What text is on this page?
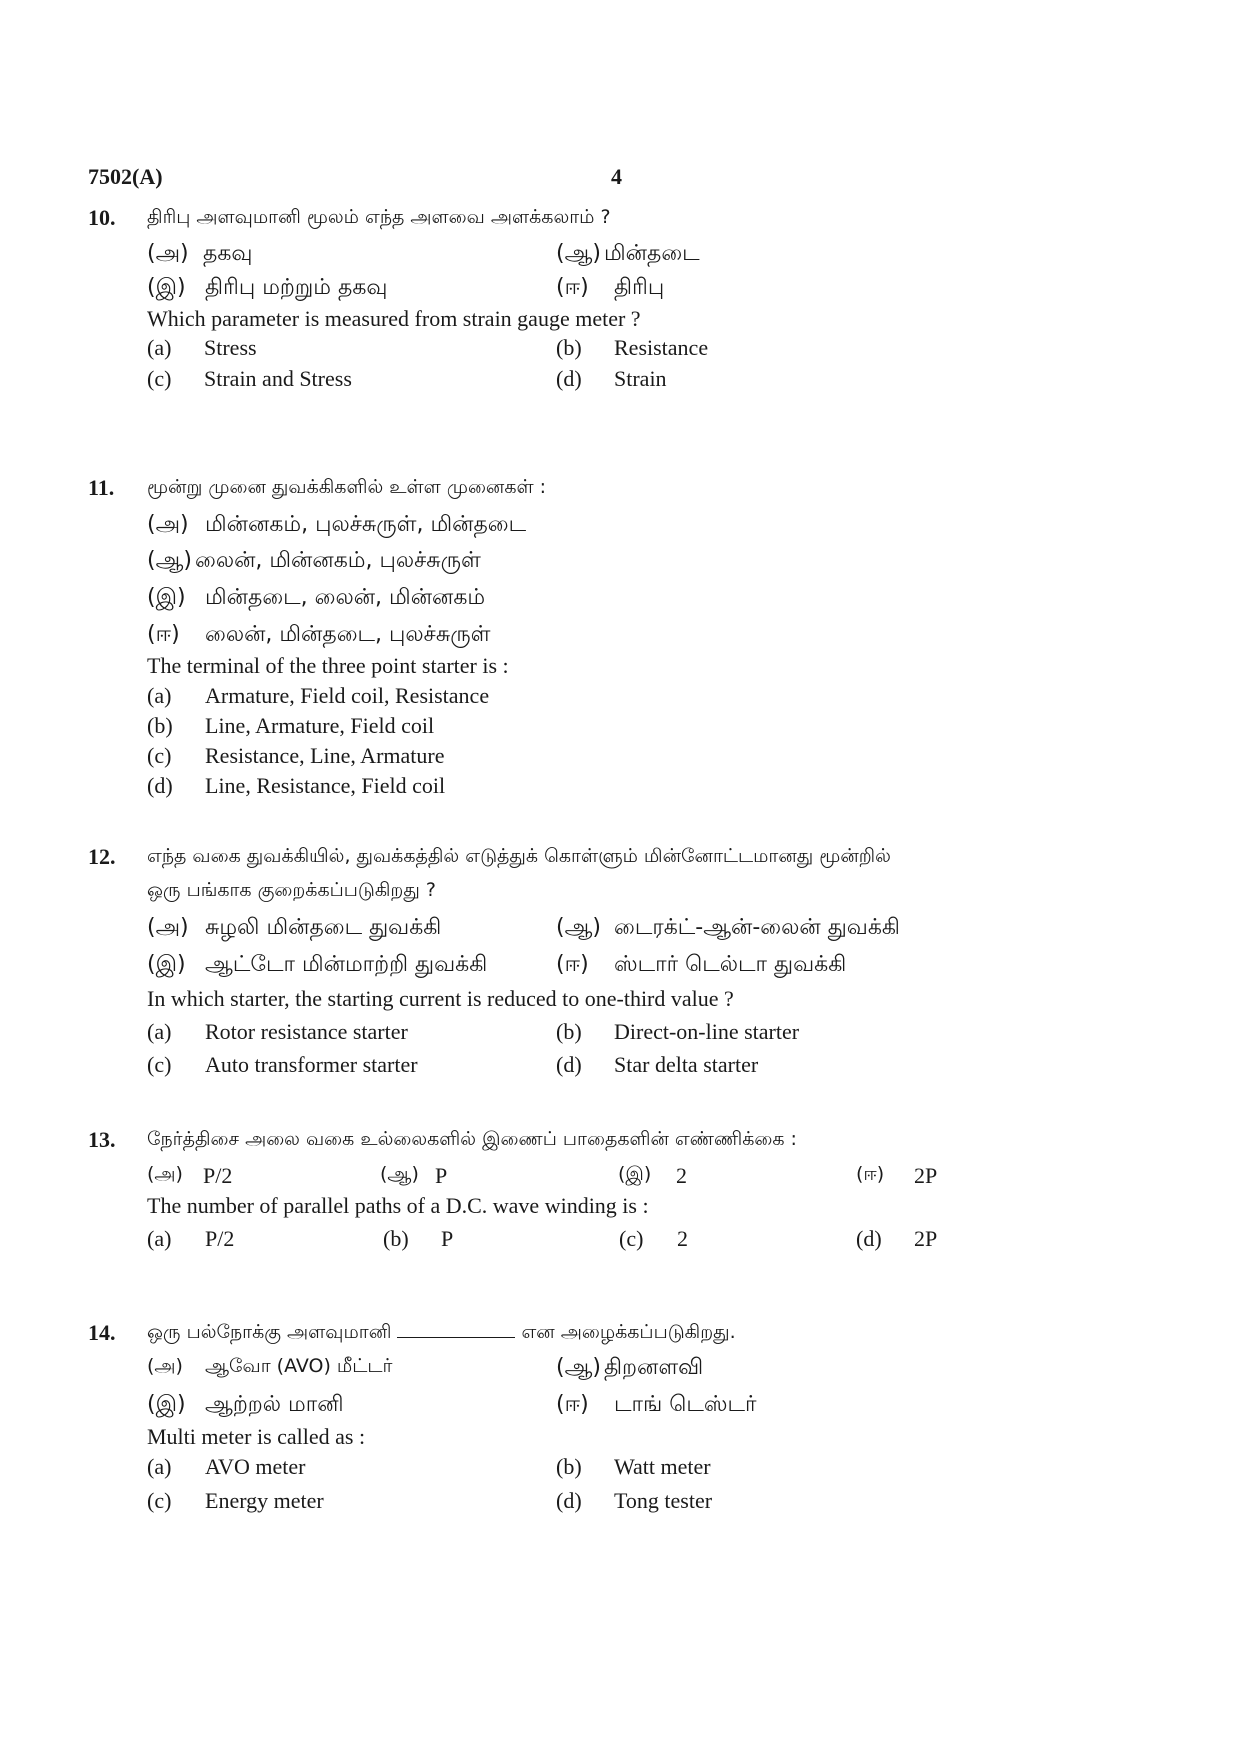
7502(A)	4
10. திரிபு அளவுமானி மூலம் எந்த அளவை அளக்கலாம் ?
(அ) தகவு	(ஆ) மின்தடை
(இ) திரிபு மற்றும் தகவு	(ஈ) திரிபு
Which parameter is measured from strain gauge meter ?
(a) Stress	(b) Resistance
(c) Strain and Stress	(d) Strain
11. மூன்று முனை துவக்கிகளில் உள்ள முனைகள் :
(அ) மின்னகம், புலச்சுருள், மின்தடை
(ஆ) லைன், மின்னகம், புலச்சுருள்
(இ) மின்தடை, லைன், மின்னகம்
(ஈ) லைன், மின்தடை, புலச்சுருள்
The terminal of the three point starter is :
(a) Armature, Field coil, Resistance
(b) Line, Armature, Field coil
(c) Resistance, Line, Armature
(d) Line, Resistance, Field coil
12. எந்த வகை துவக்கியில், துவக்கத்தில் எடுத்துக் கொள்ளும் மின்னோட்டமானது மூன்றில்
ஒரு பங்காக குறைக்கப்படுகிறது ?
(அ) சுழலி மின்தடை துவக்கி	(ஆ) டைரக்ட்-ஆன்-லைன் துவக்கி
(இ) ஆட்டோ மின்மாற்றி துவக்கி	(ஈ) ஸ்டார் டெல்டா துவக்கி
In which starter, the starting current is reduced to one-third value ?
(a) Rotor resistance starter	(b) Direct-on-line starter
(c) Auto transformer starter	(d) Star delta starter
13. நேர்த்திசை அலை வகை உல்லைகளில் இணைப் பாதைகளின் எண்ணிக்கை :
(அ) P/2	(ஆ) P	(இ) 2	(ஈ) 2P
The number of parallel paths of a D.C. wave winding is :
(a) P/2	(b) P	(c) 2	(d) 2P
14. ஒரு பல்நோக்கு அளவுமானி	என அழைக்கப்படுகிறது.
(அ) ஆவோ (AVO) மீட்டர்	(ஆ) திறனளவி
(இ) ஆற்றல் மானி	(ஈ) டாங் டெஸ்டர்
Multi meter is called as :
(a) AVO meter	(b) Watt meter
(c) Energy meter	(d) Tong tester
